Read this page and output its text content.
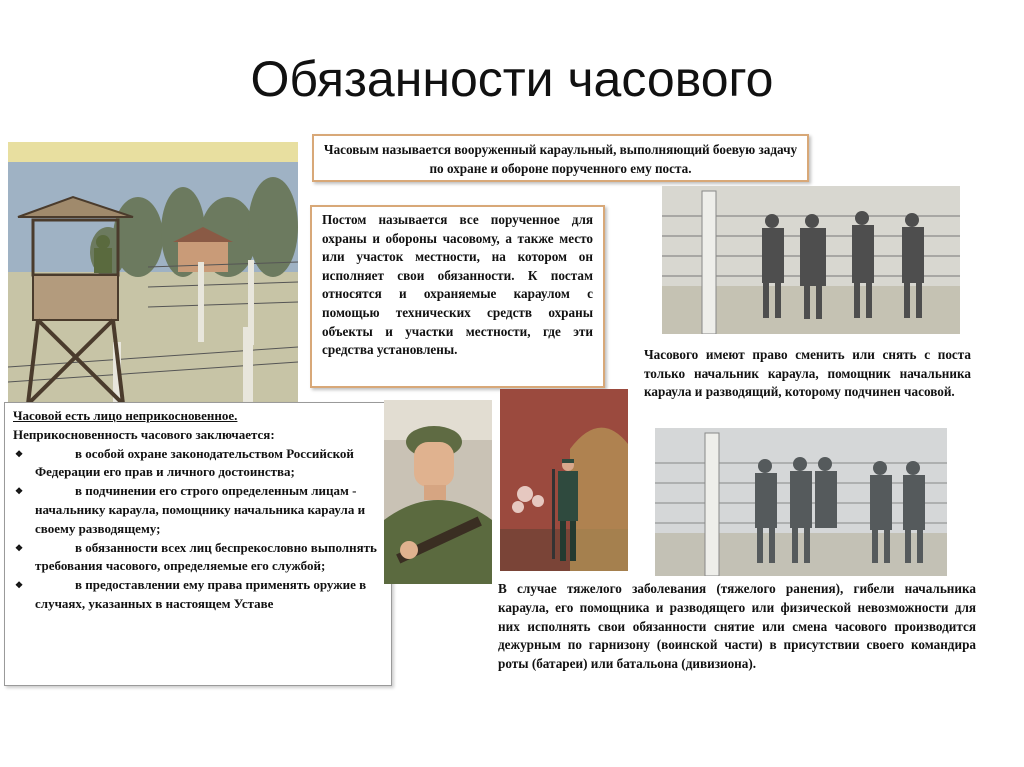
Обязанности часового
Часовым называется вооруженный караульный, выполняющий боевую задачу по охране и обороне порученного ему поста.
Постом называется все порученное для охраны и обороны часовому, а также место или участок местности, на котором он исполняет свои обязанности. К постам относятся и охраняемые караулом с помощью технических средств охраны объекты и участки местности, где эти средства установлены.	Часового имеют право сменить или снять с поста только начальник караула, помощник начальника караула и разводящий, которому подчинен часовой.
Часовой есть лицо неприкосновенное.
Неприкосновенность часового заключается:
❖ в особой охране законодательством Российской Федерации его прав и личного достоинства;
❖ в подчинении его строго определенным лицам - начальнику караула, помощнику начальника караула и своему разводящему;
❖ в обязанности всех лиц беспрекословно выполнять требования часового, определяемые его службой;
❖ в предоставлении ему права применять оружие в случаях, указанных в настоящем Уставе
В случае тяжелого заболевания (тяжелого ранения), гибели начальника караула, его помощника и разводящего или физической невозможности для них исполнять свои обязанности снятие или смена часового производится дежурным по гарнизону (воинской части) в присутствии своего командира роты (батареи) или батальона (дивизиона).
